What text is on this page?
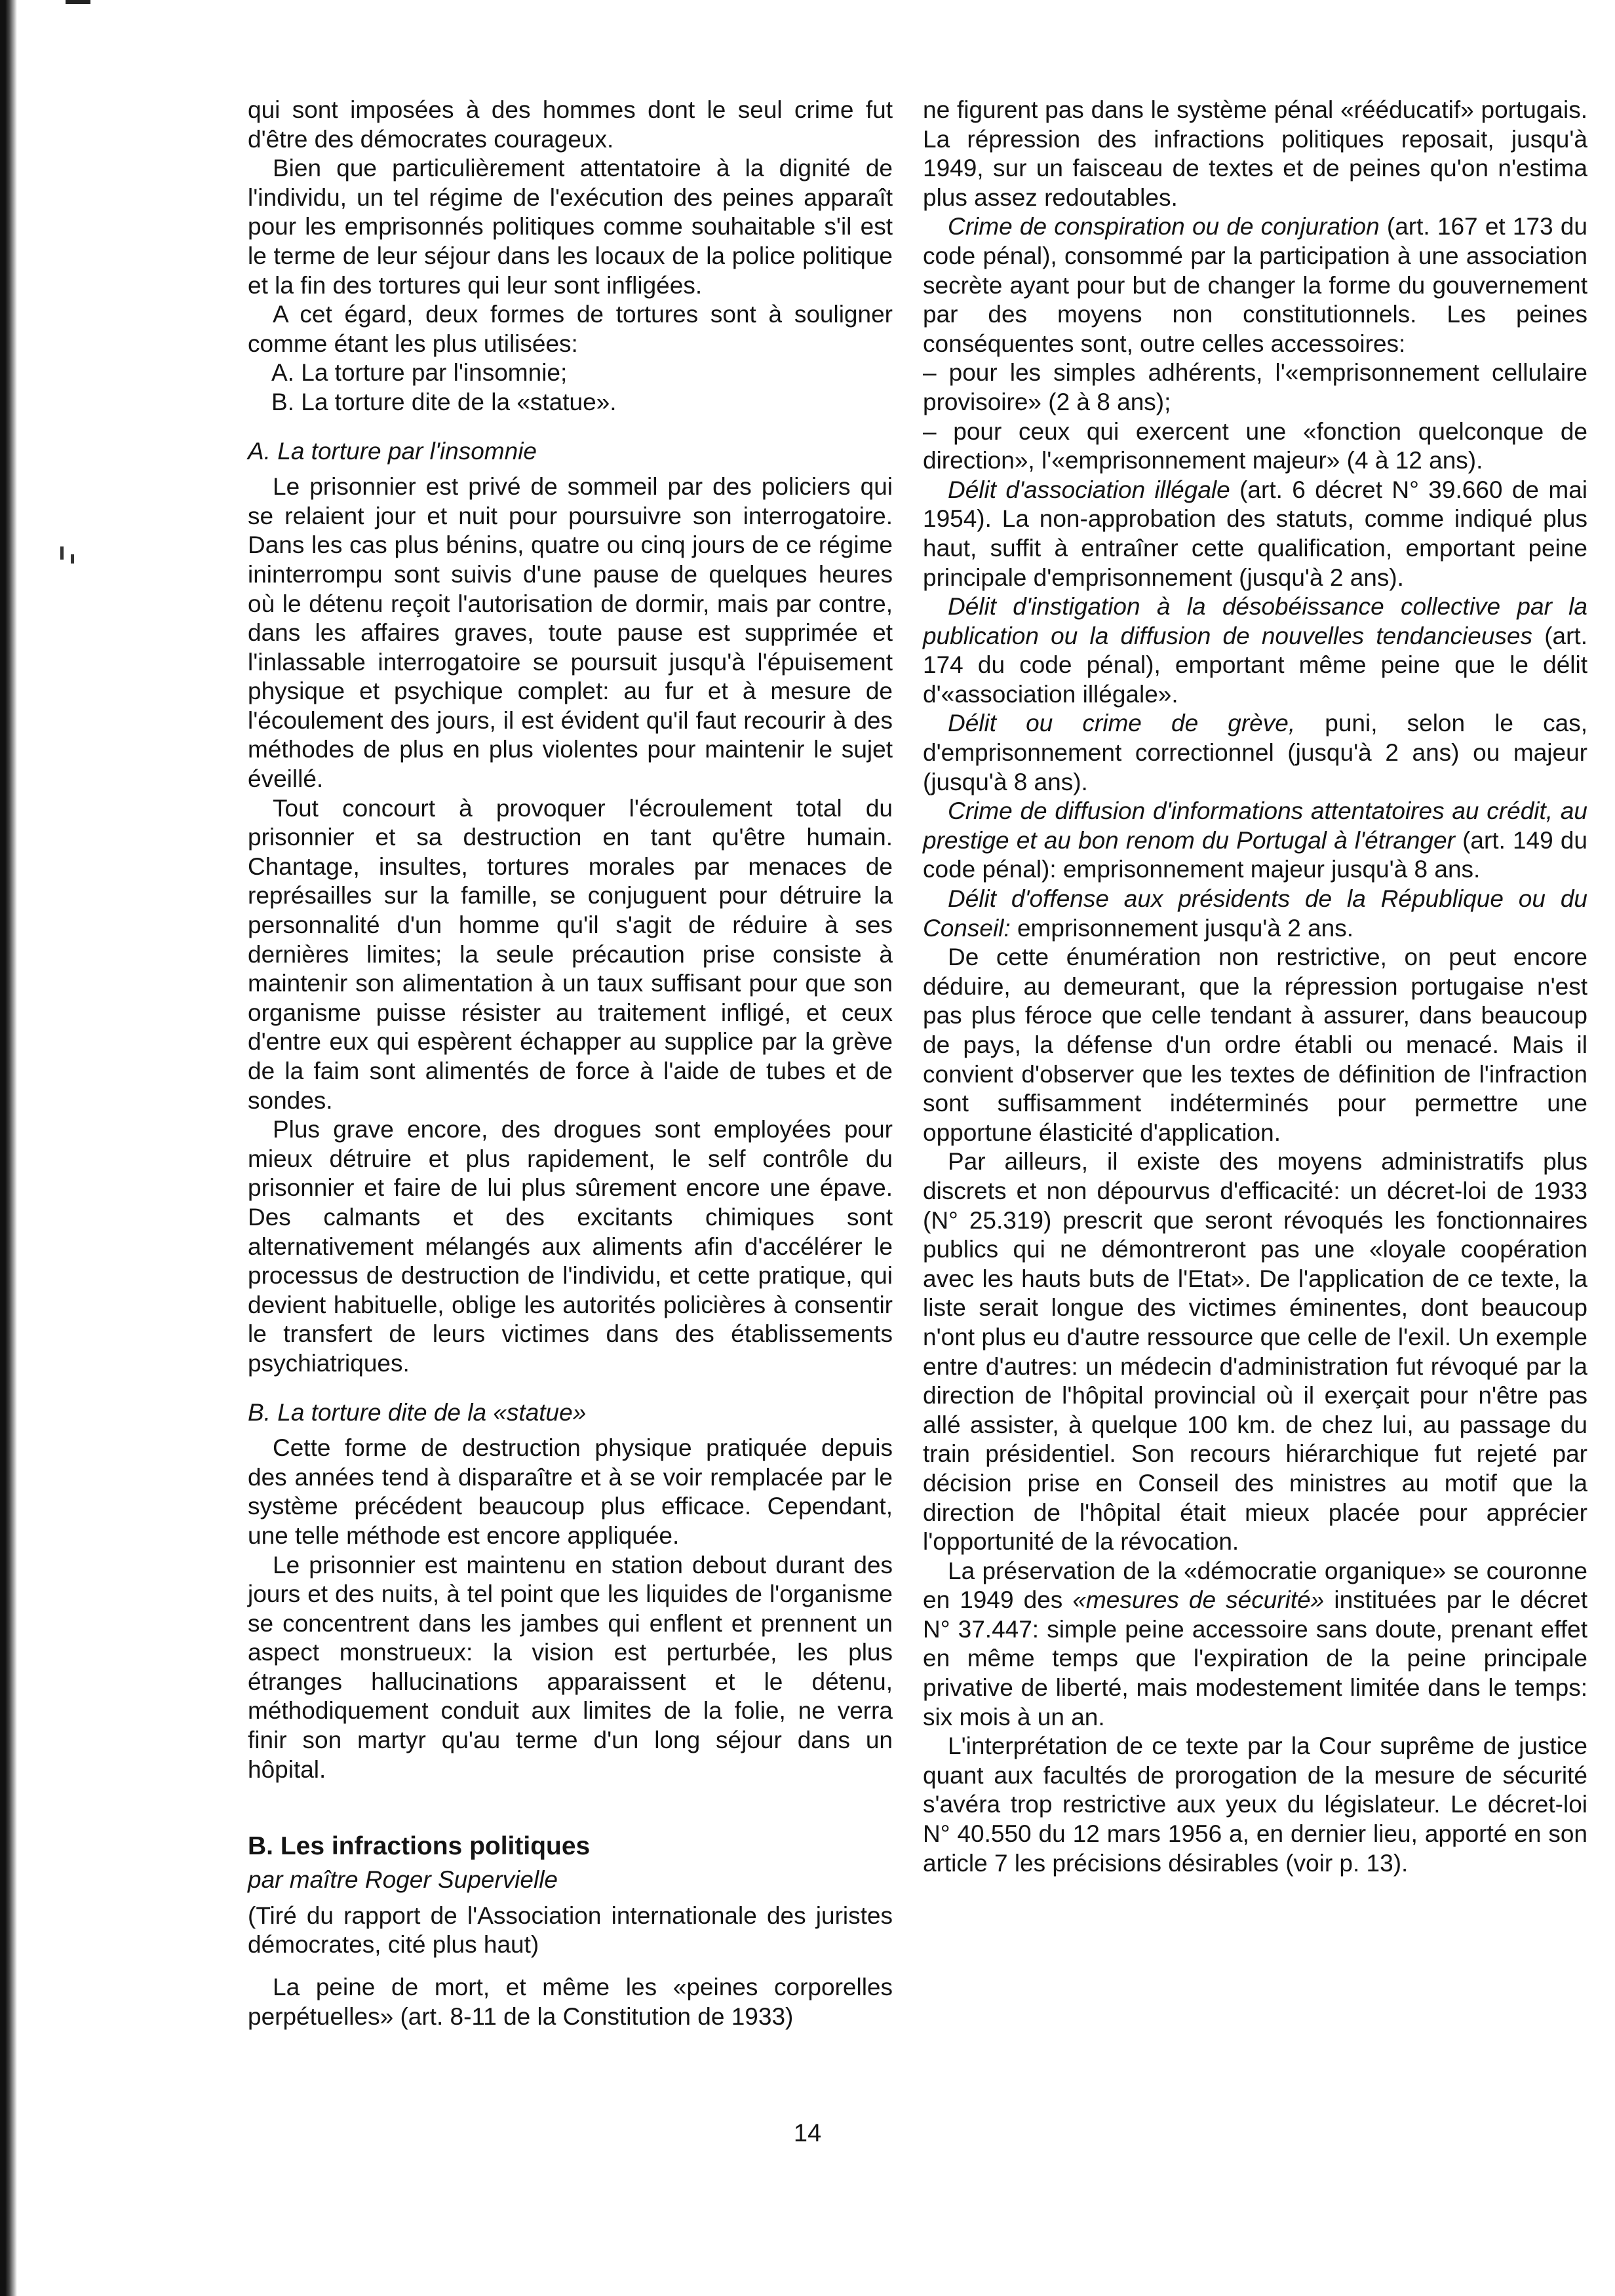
qui sont imposées à des hommes dont le seul crime fut d'être des démocrates courageux.

Bien que particulièrement attentatoire à la dignité de l'individu, un tel régime de l'exécution des peines apparaît pour les emprisonnés politiques comme souhaitable s'il est le terme de leur séjour dans les locaux de la police politique et la fin des tortures qui leur sont infligées.

A cet égard, deux formes de tortures sont à souligner comme étant les plus utilisées:

A. La torture par l'insomnie;

B. La torture dite de la «statue».

A. La torture par l'insomnie

Le prisonnier est privé de sommeil par des policiers qui se relaient jour et nuit pour poursuivre son interrogatoire. Dans les cas plus bénins, quatre ou cinq jours de ce régime ininterrompu sont suivis d'une pause de quelques heures où le détenu reçoit l'autorisation de dormir, mais par contre, dans les affaires graves, toute pause est supprimée et l'inlassable interrogatoire se poursuit jusqu'à l'épuisement physique et psychique complet: au fur et à mesure de l'écoulement des jours, il est évident qu'il faut recourir à des méthodes de plus en plus violentes pour maintenir le sujet éveillé.

Tout concourt à provoquer l'écroulement total du prisonnier et sa destruction en tant qu'être humain. Chantage, insultes, tortures morales par menaces de représailles sur la famille, se conjuguent pour détruire la personnalité d'un homme qu'il s'agit de réduire à ses dernières limites; la seule précaution prise consiste à maintenir son alimentation à un taux suffisant pour que son organisme puisse résister au traitement infligé, et ceux d'entre eux qui espèrent échapper au supplice par la grève de la faim sont alimentés de force à l'aide de tubes et de sondes.

Plus grave encore, des drogues sont employées pour mieux détruire et plus rapidement, le self contrôle du prisonnier et faire de lui plus sûrement encore une épave. Des calmants et des excitants chimiques sont alternativement mélangés aux aliments afin d'accélérer le processus de destruction de l'individu, et cette pratique, qui devient habituelle, oblige les autorités policières à consentir le transfert de leurs victimes dans des établissements psychiatriques.

B. La torture dite de la «statue»

Cette forme de destruction physique pratiquée depuis des années tend à disparaître et à se voir remplacée par le système précédent beaucoup plus efficace. Cependant, une telle méthode est encore appliquée.

Le prisonnier est maintenu en station debout durant des jours et des nuits, à tel point que les liquides de l'organisme se concentrent dans les jambes qui enflent et prennent un aspect monstrueux: la vision est perturbée, les plus étranges hallucinations apparaissent et le détenu, méthodiquement conduit aux limites de la folie, ne verra finir son martyr qu'au terme d'un long séjour dans un hôpital.

B. Les infractions politiques

par maître Roger Supervielle

(Tiré du rapport de l'Association internationale des juristes démocrates, cité plus haut)

La peine de mort, et même les «peines corporelles perpétuelles» (art. 8-11 de la Constitution de 1933)

ne figurent pas dans le système pénal «rééducatif» portugais. La répression des infractions politiques reposait, jusqu'à 1949, sur un faisceau de textes et de peines qu'on n'estima plus assez redoutables.

Crime de conspiration ou de conjuration (art. 167 et 173 du code pénal), consommé par la participation à une association secrète ayant pour but de changer la forme du gouvernement par des moyens non constitutionnels. Les peines conséquentes sont, outre celles accessoires:

– pour les simples adhérents, l'«emprisonnement cellulaire provisoire» (2 à 8 ans);

– pour ceux qui exercent une «fonction quelconque de direction», l'«emprisonnement majeur» (4 à 12 ans).

Délit d'association illégale (art. 6 décret N° 39.660 de mai 1954). La non-approbation des statuts, comme indiqué plus haut, suffit à entraîner cette qualification, emportant peine principale d'emprisonnement (jusqu'à 2 ans).

Délit d'instigation à la désobéissance collective par la publication ou la diffusion de nouvelles tendancieuses (art. 174 du code pénal), emportant même peine que le délit d'«association illégale».

Délit ou crime de grève, puni, selon le cas, d'emprisonnement correctionnel (jusqu'à 2 ans) ou majeur (jusqu'à 8 ans).

Crime de diffusion d'informations attentatoires au crédit, au prestige et au bon renom du Portugal à l'étranger (art. 149 du code pénal): emprisonnement majeur jusqu'à 8 ans.

Délit d'offense aux présidents de la République ou du Conseil: emprisonnement jusqu'à 2 ans.

De cette énumération non restrictive, on peut encore déduire, au demeurant, que la répression portugaise n'est pas plus féroce que celle tendant à assurer, dans beaucoup de pays, la défense d'un ordre établi ou menacé. Mais il convient d'observer que les textes de définition de l'infraction sont suffisamment indéterminés pour permettre une opportune élasticité d'application.

Par ailleurs, il existe des moyens administratifs plus discrets et non dépourvus d'efficacité: un décret-loi de 1933 (N° 25.319) prescrit que seront révoqués les fonctionnaires publics qui ne démontreront pas une «loyale coopération avec les hauts buts de l'Etat». De l'application de ce texte, la liste serait longue des victimes éminentes, dont beaucoup n'ont plus eu d'autre ressource que celle de l'exil. Un exemple entre d'autres: un médecin d'administration fut révoqué par la direction de l'hôpital provincial où il exerçait pour n'être pas allé assister, à quelque 100 km. de chez lui, au passage du train présidentiel. Son recours hiérarchique fut rejeté par décision prise en Conseil des ministres au motif que la direction de l'hôpital était mieux placée pour apprécier l'opportunité de la révocation.

La préservation de la «démocratie organique» se couronne en 1949 des «mesures de sécurité» instituées par le décret N° 37.447: simple peine accessoire sans doute, prenant effet en même temps que l'expiration de la peine principale privative de liberté, mais modestement limitée dans le temps: six mois à un an.

L'interprétation de ce texte par la Cour suprême de justice quant aux facultés de prorogation de la mesure de sécurité s'avéra trop restrictive aux yeux du législateur. Le décret-loi N° 40.550 du 12 mars 1956 a, en dernier lieu, apporté en son article 7 les précisions désirables (voir p. 13).

14
